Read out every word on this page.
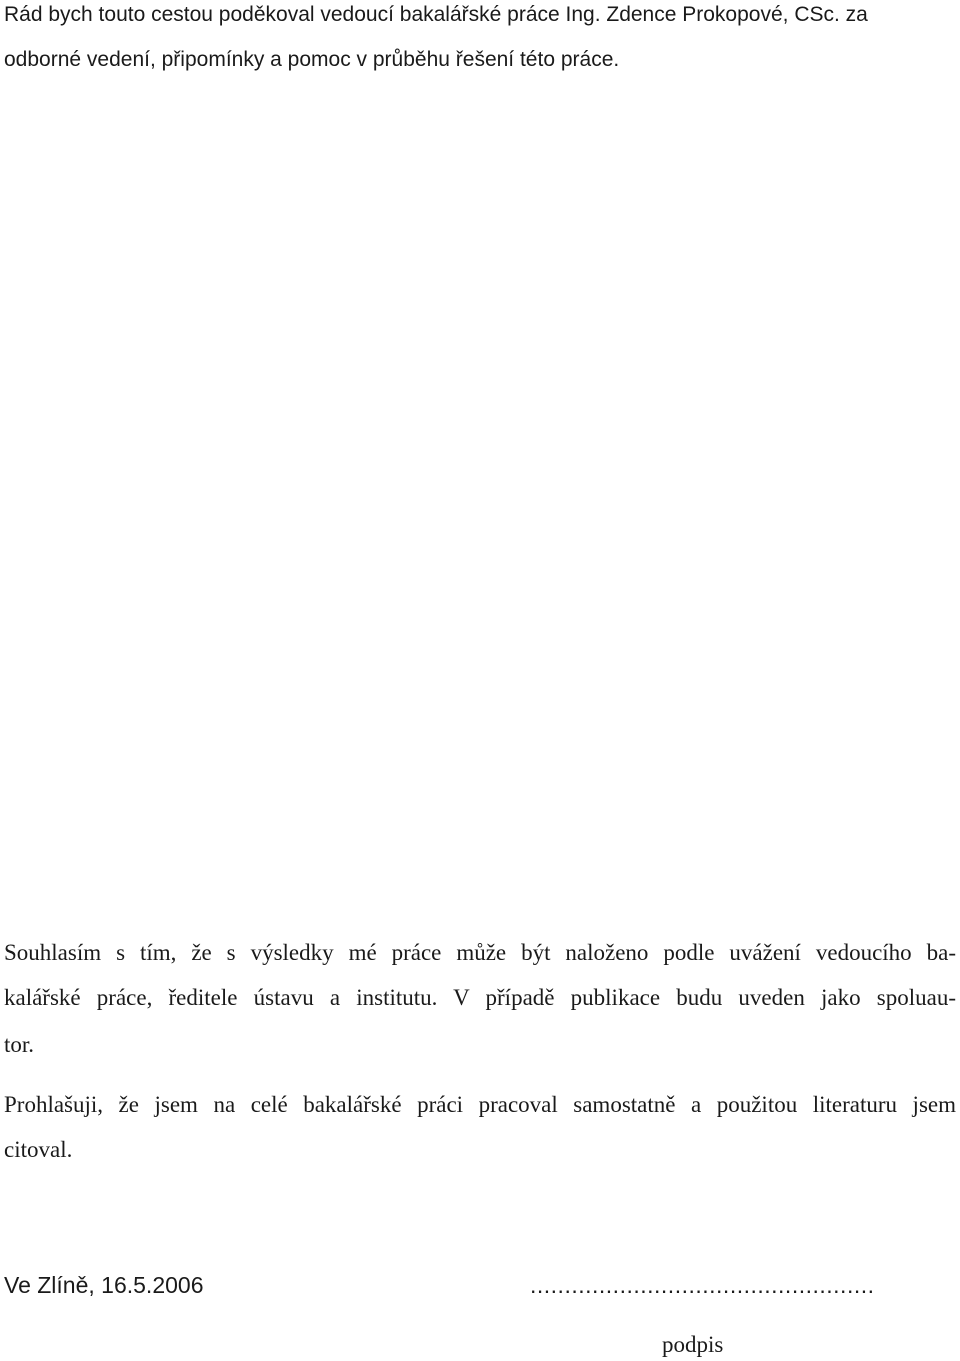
Rád bych touto cestou poděkoval vedoucí bakalářské práce Ing. Zdence Prokopové, CSc. za
odborné vedení, připomínky a pomoc v průběhu řešení této práce.
Souhlasím s tím, že s výsledky mé práce může být naloženo podle uvážení vedoucího ba-
kalářské práce, ředitele ústavu a institutu. V případě publikace budu uveden jako spoluau-
tor.
Prohlašuji, že jsem na celé bakalářské práci pracoval samostatně a použitou literaturu jsem
citoval.
Ve Zlíně, 16.5.2006	..................................................
podpis
